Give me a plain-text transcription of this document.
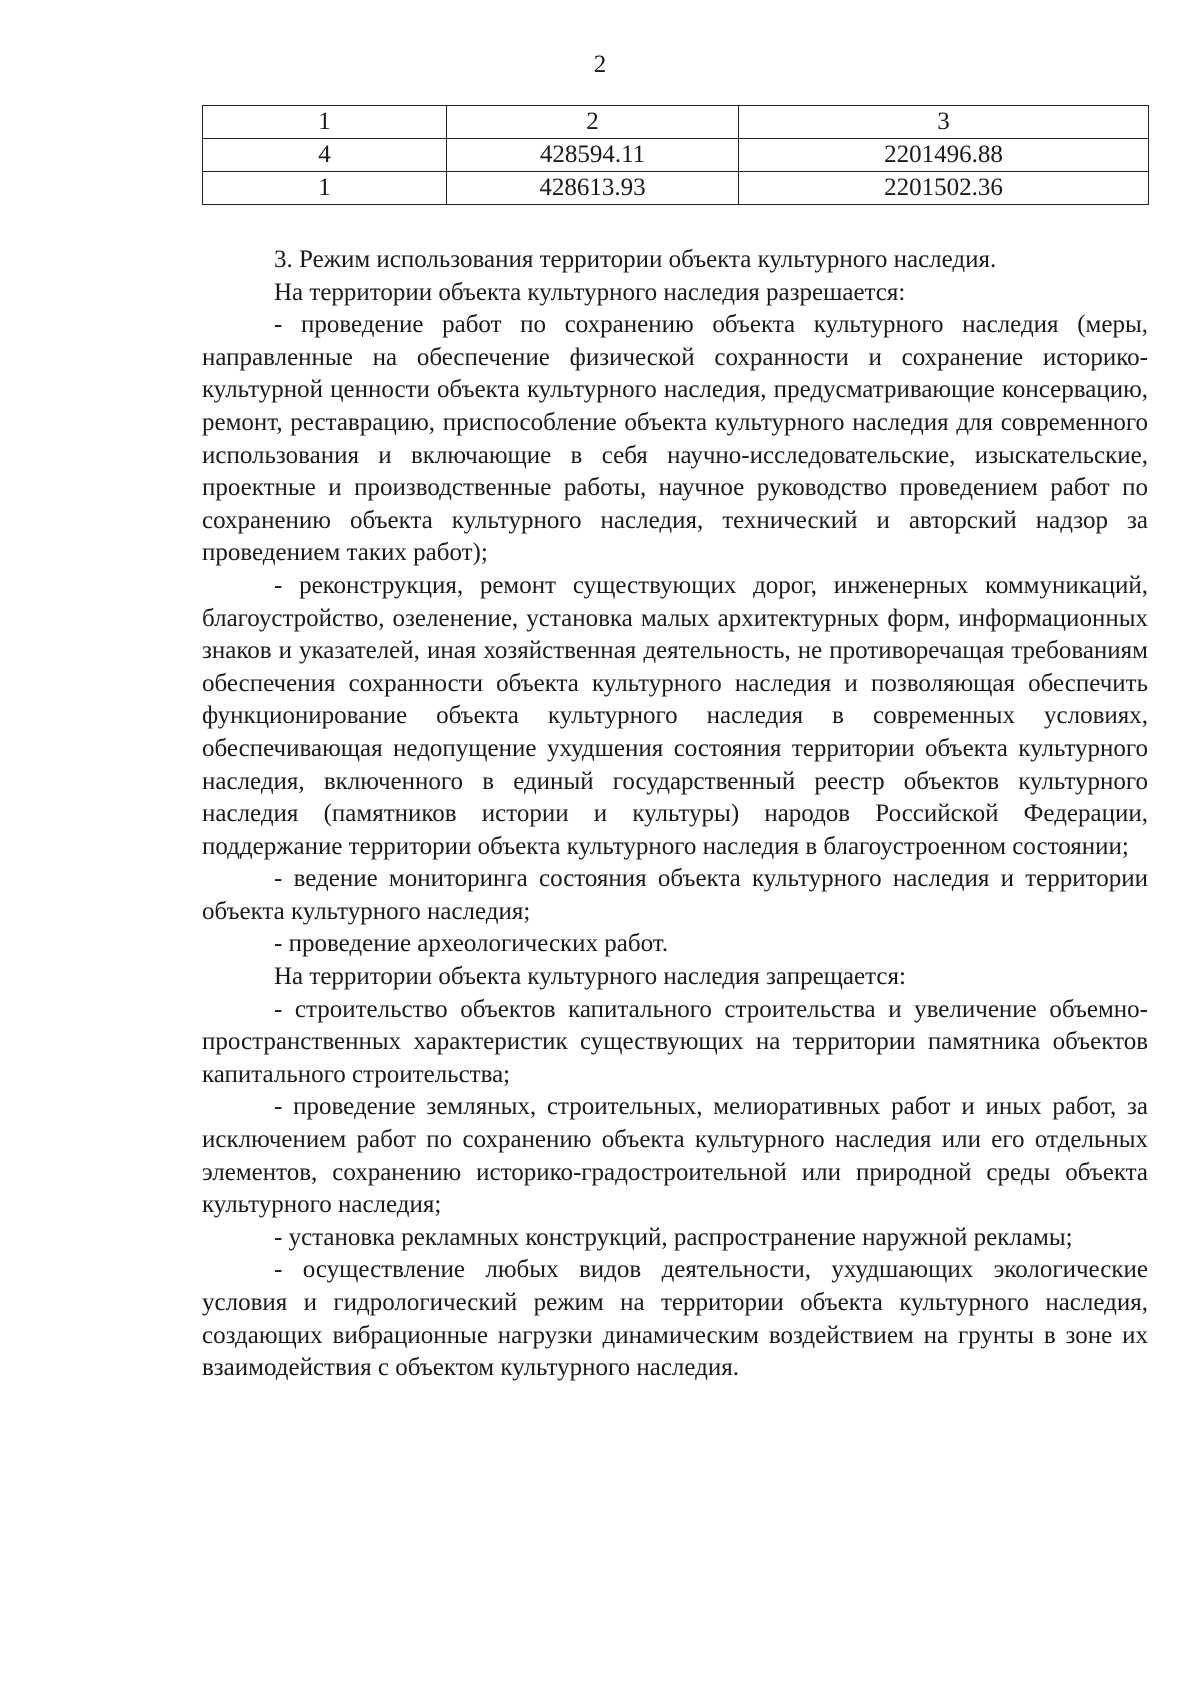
2
1	2	3
4	428594.11	2201496.88
1	428613.93	2201502.36

3. Режим использования территории объекта культурного наследия.

На территории объекта культурного наследия разрешается:

- проведение работ по сохранению объекта культурного наследия (меры, направленные на обеспечение физической сохранности и сохранение историко-культурной ценности объекта культурного наследия, предусматривающие консервацию, ремонт, реставрацию, приспособление объекта культурного наследия для современного использования и включающие в себя научно-исследовательские, изыскательские, проектные и производственные работы, научное руководство проведением работ по сохранению объекта культурного наследия, технический и авторский надзор за проведением таких работ);

- реконструкция, ремонт существующих дорог, инженерных коммуникаций, благоустройство, озеленение, установка малых архитектурных форм, информационных знаков и указателей, иная хозяйственная деятельность, не противоречащая требованиям обеспечения сохранности объекта культурного наследия и позволяющая обеспечить функционирование объекта культурного наследия в современных условиях, обеспечивающая недопущение ухудшения состояния территории объекта культурного наследия, включенного в единый государственный реестр объектов культурного наследия (памятников истории и культуры) народов Российской Федерации, поддержание территории объекта культурного наследия в благоустроенном состоянии;

- ведение мониторинга состояния объекта культурного наследия и территории объекта культурного наследия;

- проведение археологических работ.

На территории объекта культурного наследия запрещается:

- строительство объектов капитального строительства и увеличение объемно-пространственных характеристик существующих на территории памятника объектов капитального строительства;

- проведение земляных, строительных, мелиоративных работ и иных работ, за исключением работ по сохранению объекта культурного наследия или его отдельных элементов, сохранению историко-градостроительной или природной среды объекта культурного наследия;

- установка рекламных конструкций, распространение наружной рекламы;

- осуществление любых видов деятельности, ухудшающих экологические условия и гидрологический режим на территории объекта культурного наследия, создающих вибрационные нагрузки динамическим воздействием на грунты в зоне их взаимодействия с объектом культурного наследия.
